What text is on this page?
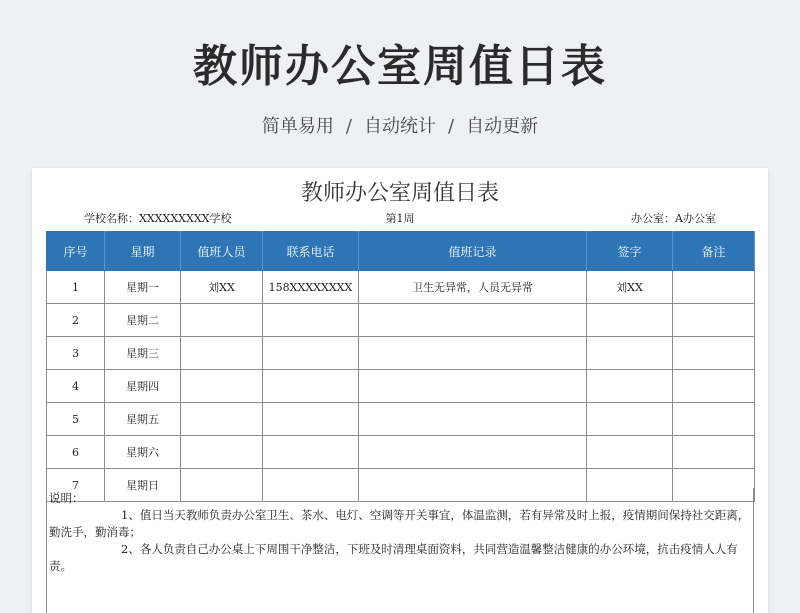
教师办公室周值日表
简单易用 / 自动统计 / 自动更新
教师办公室周值日表
学校名称：XXXXXXXXX学校	第1周	办公室：A办公室
序号	星期	值班人员	联系电话	值班记录	签字	备注
1	星期一	刘XX	158XXXXXXXX	卫生无异常，人员无异常	刘XX	
2	星期二					
3	星期三					
4	星期四					
5	星期五					
6	星期六					
7	星期日					
说明：
1、值日当天教师负责办公室卫生、茶水、电灯、空调等开关事宜，体温监测，若有异常及时上报，疫情期间保持社交距离，勤洗手，勤消毒；
2、各人负责自己办公桌上下周围干净整洁，下班及时清理桌面资料，共同营造温馨整洁健康的办公环境，抗击疫情人人有责。
